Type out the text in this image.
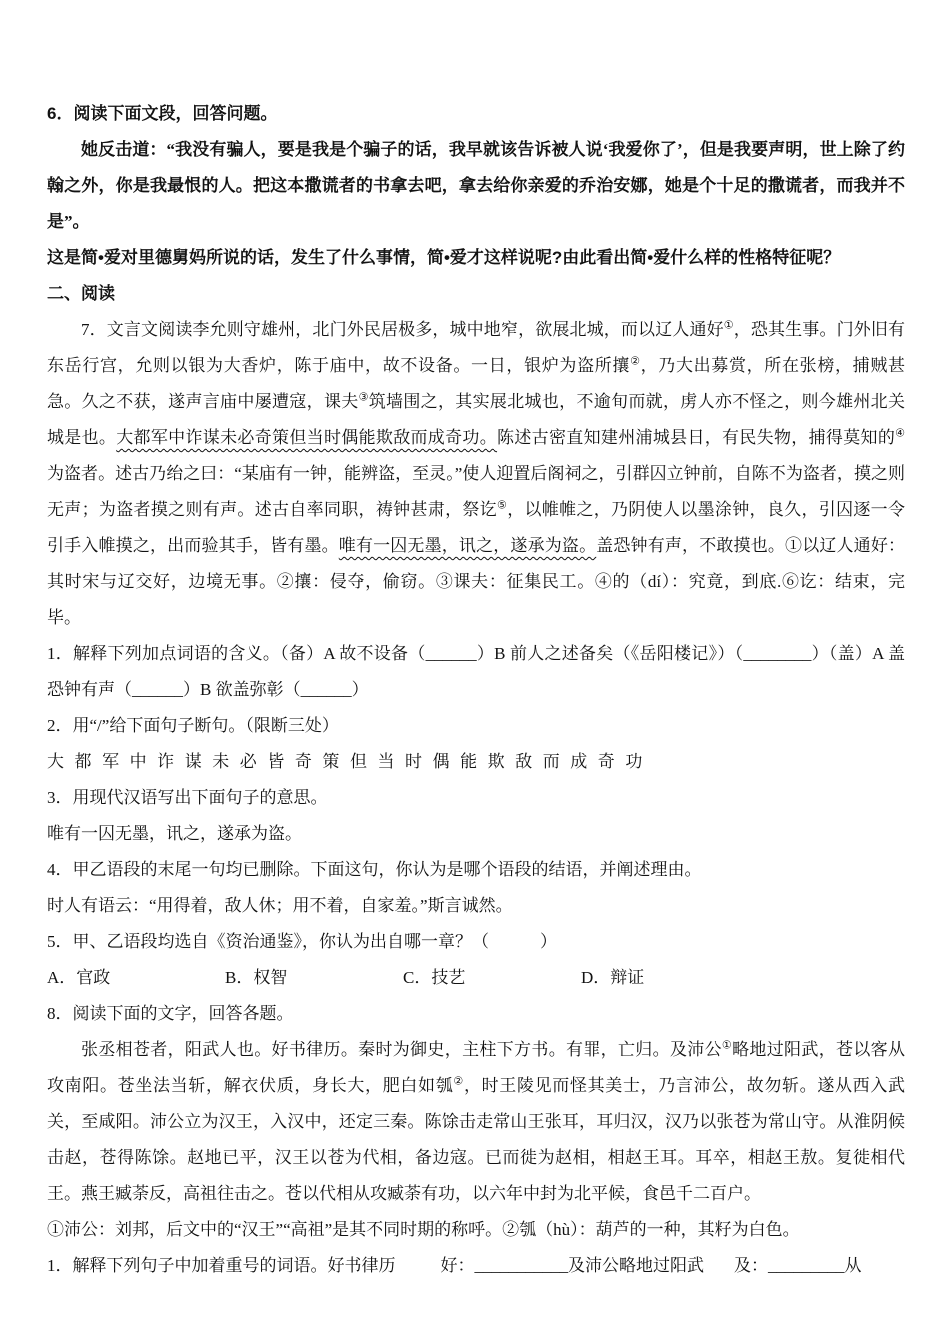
6．阅读下面文段，回答问题。

她反击道：“我没有骗人，要是我是个骗子的话，我早就该告诉被人说‘我爱你了’，但是我要声明，世上除了约翰之外，你是我最恨的人。把这本撒谎者的书拿去吧，拿去给你亲爱的乔治安娜，她是个十足的撒谎者，而我并不是”。

这是简•爱对里德舅妈所说的话，发生了什么事情，简•爱才这样说呢?由此看出简•爱什么样的性格特征呢？

二、阅读

7．文言文阅读李允则守雄州，北门外民居极多，城中地窄，欲展北城，而以辽人通好①，恐其生事。门外旧有东岳行宫，允则以银为大香炉，陈于庙中，故不设备。一日，银炉为盗所攘②，乃大出募赏，所在张榜，捕贼甚急。久之不获，遂声言庙中屡遭寇，课夫③筑墙围之，其实展北城也，不逾旬而就，虏人亦不怪之，则今雄州北关城是也。大都军中诈谋未必奇策但当时偶能欺敌而成奇功。陈述古密直知建州浦城县日，有民失物，捕得莫知的④为盗者。述古乃绐之曰：“某庙有一钟，能辨盗，至灵。”使人迎置后阁祠之，引群囚立钟前，自陈不为盗者，摸之则无声；为盗者摸之则有声。述古自率同职，祷钟甚肃，祭讫⑤，以帷帷之，乃阴使人以墨涂钟，良久，引囚逐一令引手入帷摸之，出而验其手，皆有墨。唯有一囚无墨，讯之，遂承为盗。盖恐钟有声，不敢摸也。①以辽人通好：其时宋与辽交好，边境无事。②攘：侵夺，偷窃。③课夫：征集民工。④的（dí）：究竟，到底.⑥讫：结束，完毕。

1．解释下列加点词语的含义。（备）A 故不设备（______）B 前人之述备矣（《岳阳楼记》）（________）（盖）A 盖恐钟有声（______）B 欲盖弥彰（______）

2．用“/”给下面句子断句。（限断三处）

大都军中诈谋未必皆奇策但当时偶能欺敌而成奇功

3．用现代汉语写出下面句子的意思。

唯有一囚无墨，讯之，遂承为盗。

4．甲乙语段的末尾一句均已删除。下面这句，你认为是哪个语段的结语，并阐述理由。

时人有语云：“用得着，敌人休；用不着，自家羞。”斯言诚然。

5．甲、乙语段均选自《资治通鉴》，你认为出自哪一章？（　　　）

A．官政	B．权智	C．技艺	D．辩证

8．阅读下面的文字，回答各题。

张丞相苍者，阳武人也。好书律历。秦时为御史，主柱下方书。有罪，亡归。及沛公①略地过阳武，苍以客从攻南阳。苍坐法当斩，解衣伏质，身长大，肥白如瓠②，时王陵见而怪其美士，乃言沛公，故勿斩。遂从西入武关，至咸阳。沛公立为汉王，入汉中，还定三秦。陈馀击走常山王张耳，耳归汉，汉乃以张苍为常山守。从淮阴候击赵，苍得陈馀。赵地已平，汉王以苍为代相，备边寇。已而徙为赵相，相赵王耳。耳卒，相赵王敖。复徙相代王。燕王臧荼反，高祖往击之。苍以代相从攻臧荼有功，以六年中封为北平候，食邑千二百户。

①沛公：刘邦，后文中的“汉王”“高祖”是其不同时期的称呼。②瓠（hù）：葫芦的一种，其籽为白色。

1．解释下列句子中加着重号的词语。好书律历	好：___________及沛公略地过阳武 及：_________从
